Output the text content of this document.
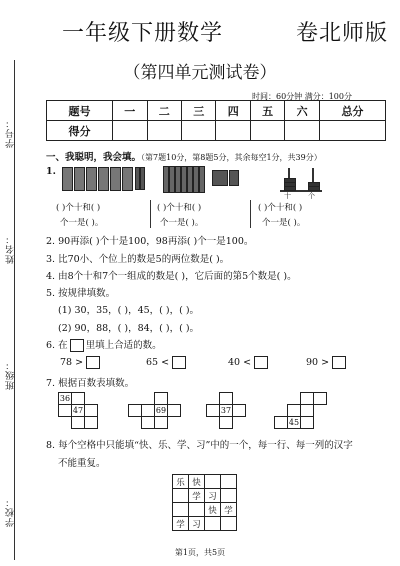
学号：
姓名：
班级：
学校：
一年级下册数学	卷北师版
（第四单元测试卷）
时间：60分钟 满分：100分
题号	一	二	三	四	五	六	总分
得分							
一、我聪明，我会填。（第7题10分，第8题5分，其余每空1分，共39分）
1.
( )个十和( )
个一是( )。
( )个十和( )
个一是( )。
十 个
( )个十和( )
个一是( )。
2. 90再添( )个十是100，98再添( )个一是100。
3. 比70小、个位上的数是5的两位数是( )。
4. 由8个十和7个一组成的数是( )，它后面的第5个数是( )。
5. 按规律填数。
(1) 30，35，( )，45，( )，( )。
(2) 90，88，( )，84，( )，( )。
6. 在 里填上合适的数。
78 >	65 <	40 <	90 >
7. 根据百数表填数。
36		
	47	

			69	

		37	

	45		
8. 每个空格中只能填“快、乐、学、习”中的一个，每一行、每一列的汉字
不能重复。
乐	快		
	学	习	
		快	学
学	习		
第1页，共5页
